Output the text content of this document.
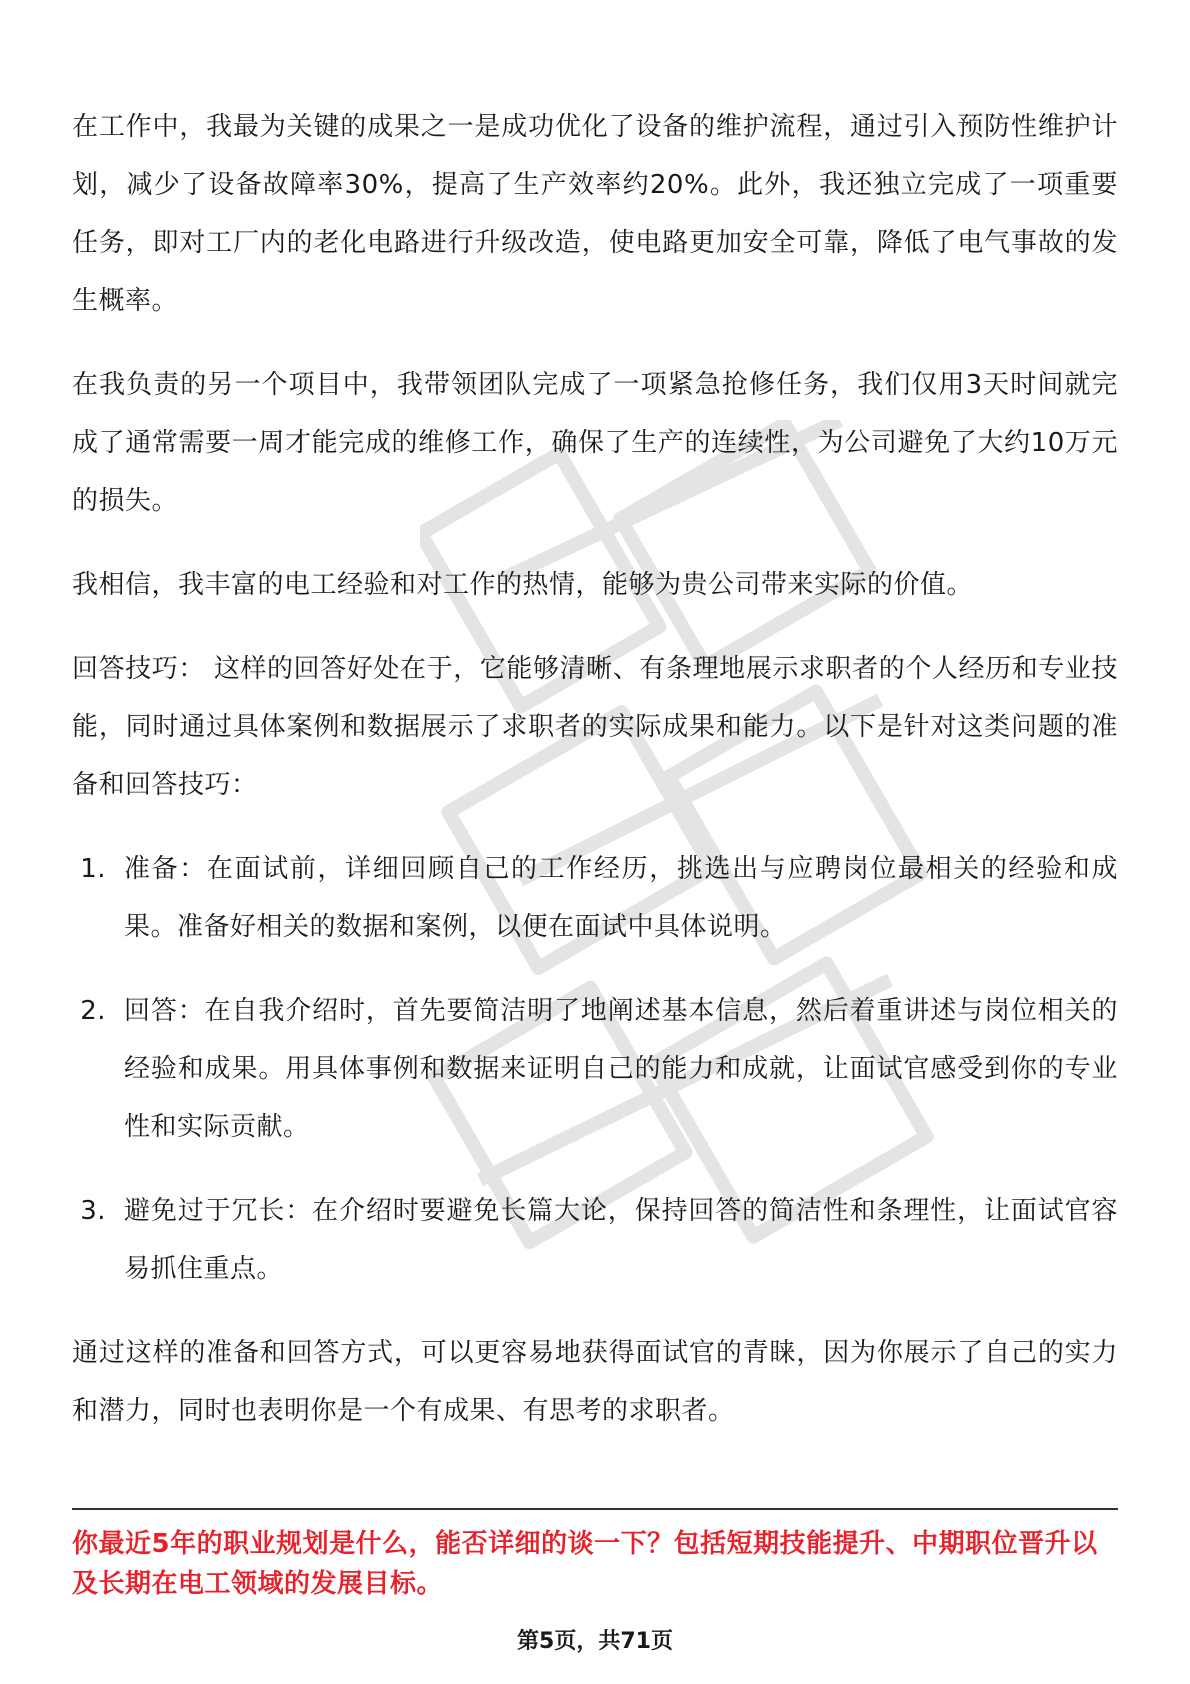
在工作中，我最为关键的成果之一是成功优化了设备的维护流程，通过引入预防性维护计划，减少了设备故障率30%，提高了生产效率约20%。此外，我还独立完成了一项重要任务，即对工厂内的老化电路进行升级改造，使电路更加安全可靠，降低了电气事故的发生概率。

在我负责的另一个项目中，我带领团队完成了一项紧急抢修任务，我们仅用3天时间就完成了通常需要一周才能完成的维修工作，确保了生产的连续性，为公司避免了大约10万元的损失。

我相信，我丰富的电工经验和对工作的热情，能够为贵公司带来实际的价值。

回答技巧： 这样的回答好处在于，它能够清晰、有条理地展示求职者的个人经历和专业技能，同时通过具体案例和数据展示了求职者的实际成果和能力。以下是针对这类问题的准备和回答技巧：

1. 准备：在面试前，详细回顾自己的工作经历，挑选出与应聘岗位最相关的经验和成果。准备好相关的数据和案例，以便在面试中具体说明。
2. 回答：在自我介绍时，首先要简洁明了地阐述基本信息，然后着重讲述与岗位相关的经验和成果。用具体事例和数据来证明自己的能力和成就，让面试官感受到你的专业性和实际贡献。
3. 避免过于冗长：在介绍时要避免长篇大论，保持回答的简洁性和条理性，让面试官容易抓住重点。

通过这样的准备和回答方式，可以更容易地获得面试官的青睐，因为你展示了自己的实力和潜力，同时也表明你是一个有成果、有思考的求职者。

你最近5年的职业规划是什么，能否详细的谈一下？包括短期技能提升、中期职位晋升以及长期在电工领域的发展目标。
第5页，共71页
